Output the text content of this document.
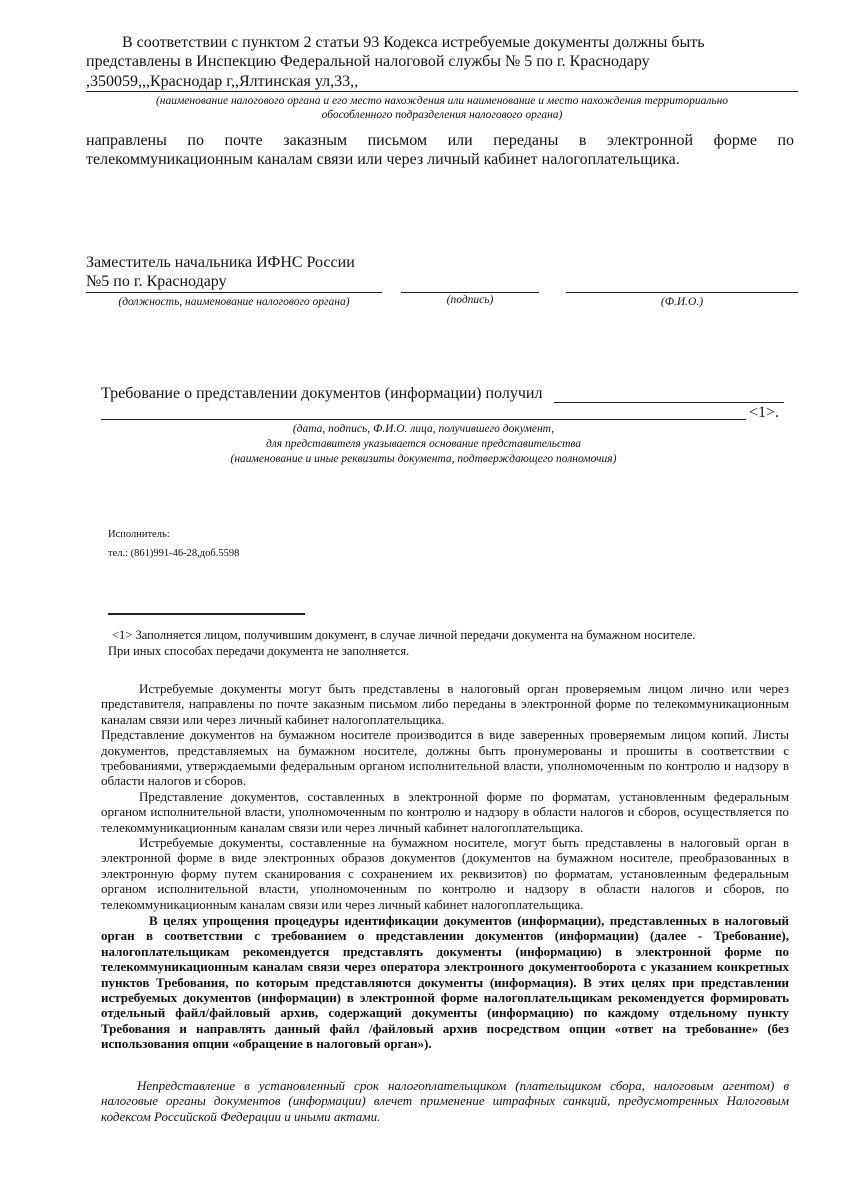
В соответствии с пунктом 2 статьи 93 Кодекса истребуемые документы должны быть
представлены в Инспекцию Федеральной налоговой службы № 5 по г. Краснодару
,350059,,,Краснодар г,,Ялтинская ул,33,,
(наименование налогового органа и его место нахождения или наименование и место нахождения территориально
обособленного подразделения налогового органа)
направлены по почте заказным письмом или переданы в электронной форме по
телекоммуникационным каналам связи или через личный кабинет налогоплательщика.
Заместитель начальника ИФНС России
№5 по г. Краснодару
(должность, наименование налогового органа)	(подпись)	(Ф.И.О.)
Требование о представлении документов (информации) получил
<1>.
(дата, подпись, Ф.И.О. лица, получившего документ,
для представителя указывается основание представительства
(наименование и иные реквизиты документа, подтверждающего полномочия)
Исполнитель:
тел.: (861)991-46-28,доб.5598
<1> Заполняется лицом, получившим документ, в случае личной передачи документа на бумажном носителе.
При иных способах передачи документа не заполняется.

Истребуемые документы могут быть представлены в налоговый орган проверяемым лицом лично или через представителя, направлены по почте заказным письмом либо переданы в электронной форме по телекоммуникационным каналам связи или через личный кабинет налогоплательщика.

Представление документов на бумажном носителе производится в виде заверенных проверяемым лицом копий. Листы документов, представляемых на бумажном носителе, должны быть пронумерованы и прошиты в соответствии с требованиями, утверждаемыми федеральным органом исполнительной власти, уполномоченным по контролю и надзору в области налогов и сборов.

Представление документов, составленных в электронной форме по форматам, установленным федеральным органом исполнительной власти, уполномоченным по контролю и надзору в области налогов и сборов, осуществляется по телекоммуникационным каналам связи или через личный кабинет налогоплательщика.

Истребуемые документы, составленные на бумажном носителе, могут быть представлены в налоговый орган в электронной форме в виде электронных образов документов (документов на бумажном носителе, преобразованных в электронную форму путем сканирования с сохранением их реквизитов) по форматам, установленным федеральным органом исполнительной власти, уполномоченным по контролю и надзору в области налогов и сборов, по телекоммуникационным каналам связи или через личный кабинет налогоплательщика.

В целях упрощения процедуры идентификации документов (информации), представленных в налоговый орган в соответствии с требованием о представлении документов (информации) (далее - Требование), налогоплательщикам рекомендуется представлять документы (информацию) в электронной форме по телекоммуникационным каналам связи через оператора электронного документооборота с указанием конкретных пунктов Требования, по которым представляются документы (информация). В этих целях при представлении истребуемых документов (информации) в электронной форме налогоплательщикам рекомендуется формировать отдельный файл/файловый архив, содержащий документы (информацию) по каждому отдельному пункту Требования и направлять данный файл /файловый архив посредством опции «ответ на требование» (без использования опции «обращение в налоговый орган»).

Непредставление в установленный срок налогоплательщиком (плательщиком сбора, налоговым агентом) в налоговые органы документов (информации) влечет применение штрафных санкций, предусмотренных Налоговым кодексом Российской Федерации и иными актами.
